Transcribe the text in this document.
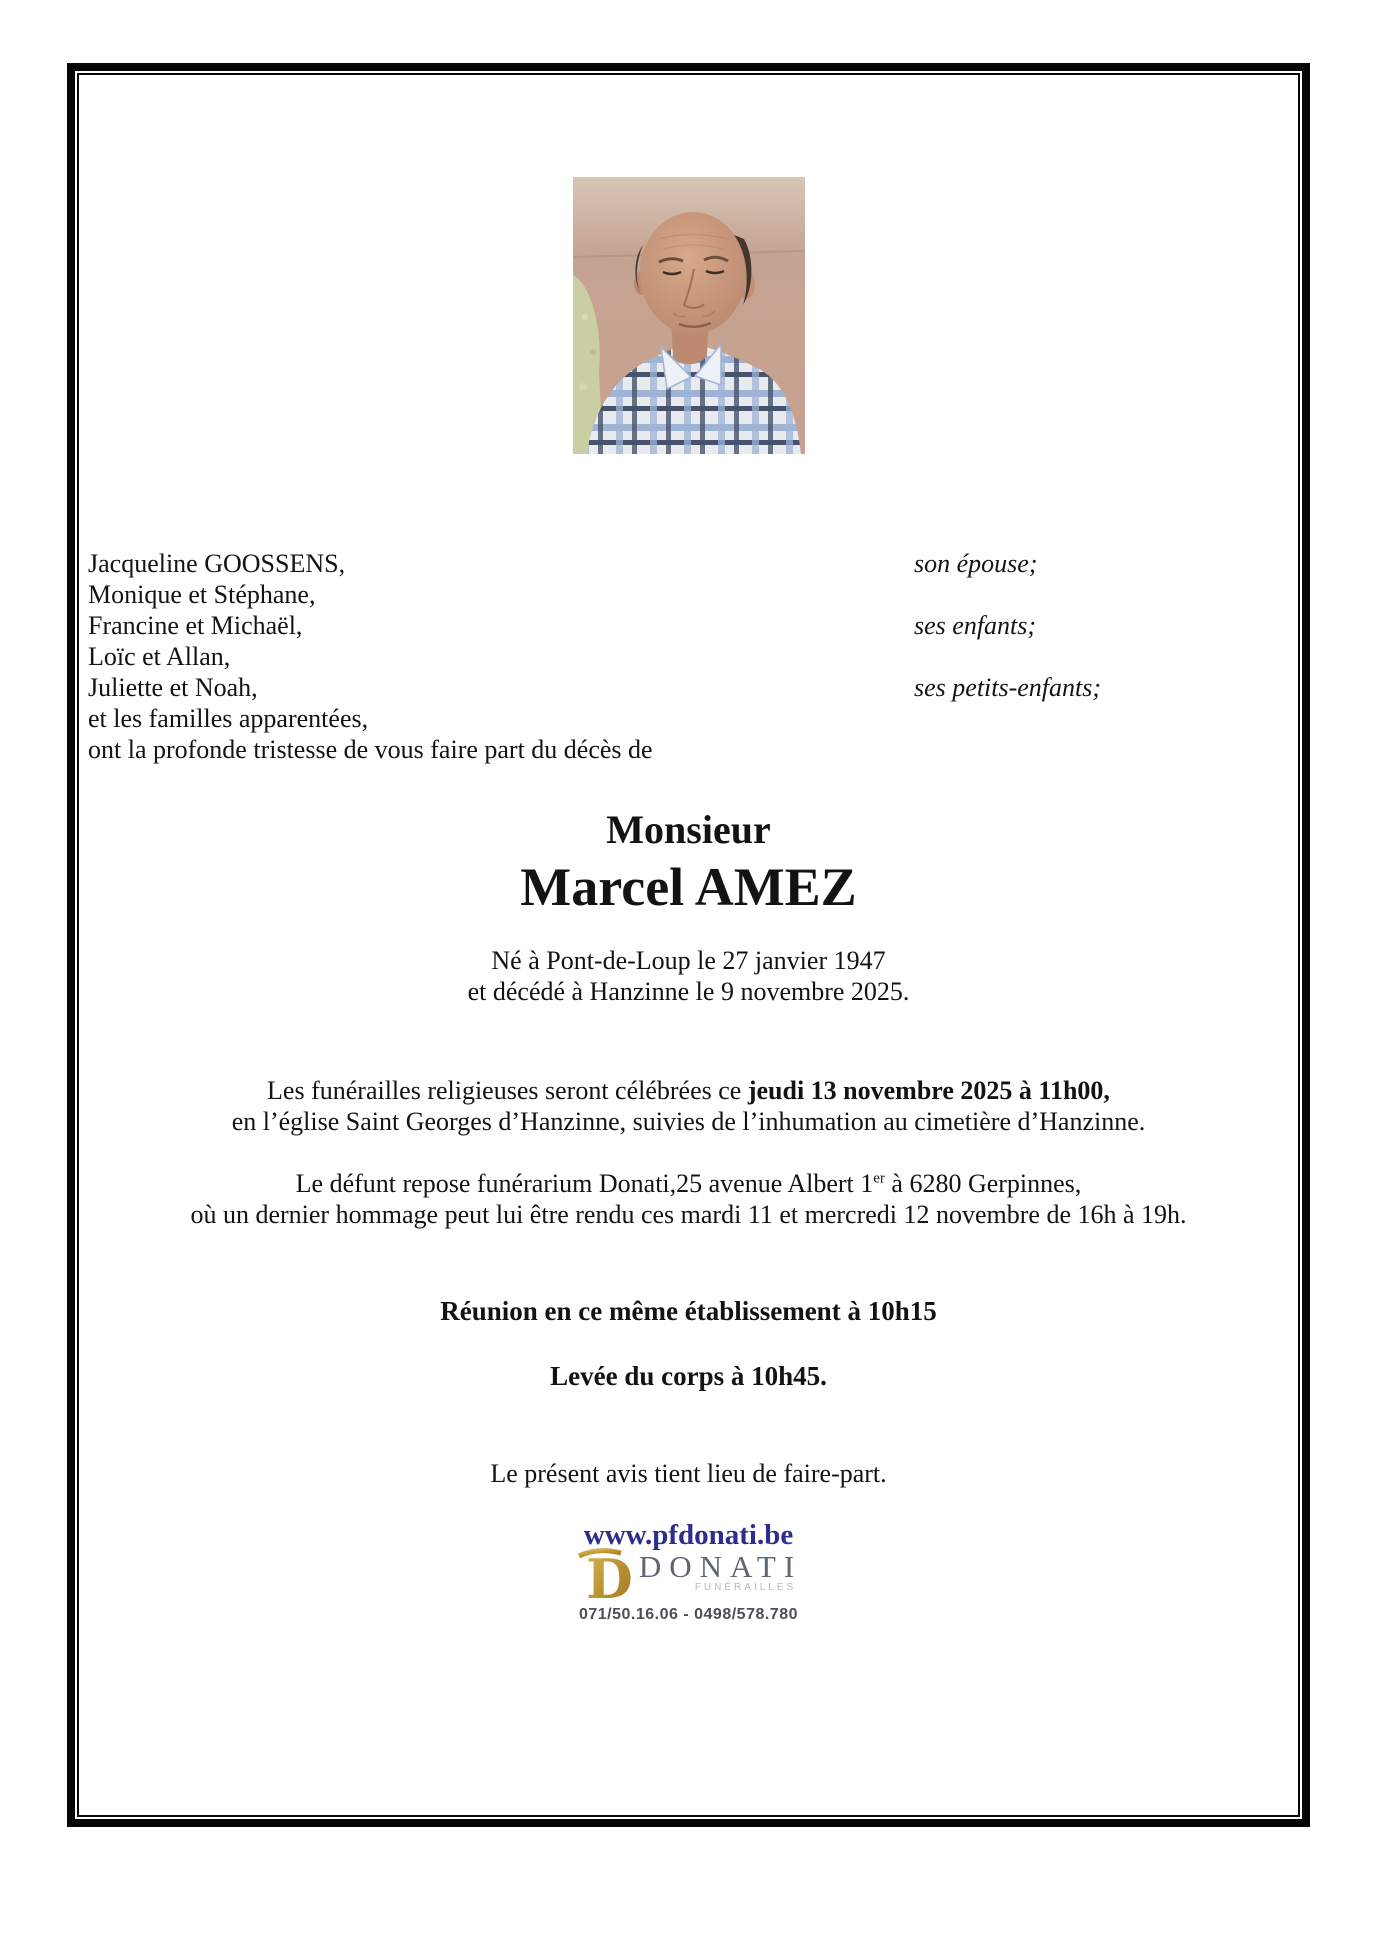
Jacqueline GOOSSENS,	son épouse;
Monique et Stéphane,
Francine et Michaël,	ses enfants;
Loïc et Allan,
Juliette et Noah,	ses petits-enfants;
et les familles apparentées,
ont la profonde tristesse de vous faire part du décès de
Monsieur
Marcel AMEZ
Né à Pont-de-Loup le 27 janvier 1947
et décédé à Hanzinne le 9 novembre 2025.
Les funérailles religieuses seront célébrées ce jeudi 13 novembre 2025 à 11h00,
en l’église Saint Georges d’Hanzinne, suivies de l’inhumation au cimetière d’Hanzinne.
Le défunt repose funérarium Donati,25 avenue Albert 1er à 6280 Gerpinnes,
où un dernier hommage peut lui être rendu ces mardi 11 et mercredi 12 novembre de 16h à 19h.
Réunion en ce même établissement à 10h15
Levée du corps à 10h45.
Le présent avis tient lieu de faire-part.
www.pfdonati.be
D DONATI
FUNÉRAILLES
071/50.16.06 - 0498/578.780
